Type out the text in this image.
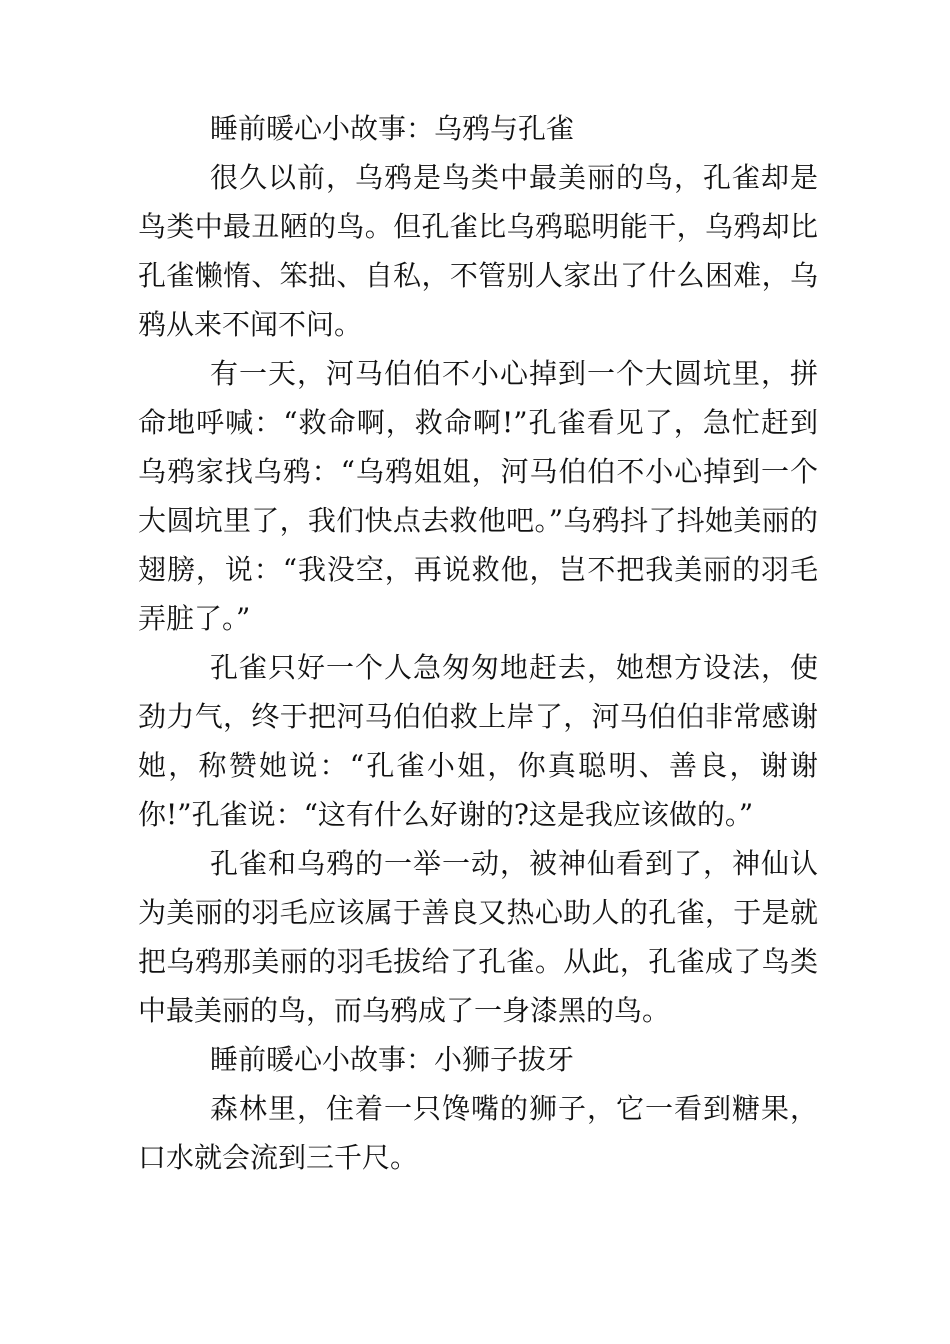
睡前暖心小故事：乌鸦与孔雀

很久以前，乌鸦是鸟类中最美丽的鸟，孔雀却是鸟类中最丑陋的鸟。但孔雀比乌鸦聪明能干，乌鸦却比孔雀懒惰、笨拙、自私，不管别人家出了什么困难，乌鸦从来不闻不问。

有一天，河马伯伯不小心掉到一个大圆坑里，拼命地呼喊：“救命啊，救命啊!”孔雀看见了，急忙赶到乌鸦家找乌鸦：“乌鸦姐姐，河马伯伯不小心掉到一个大圆坑里了，我们快点去救他吧。”乌鸦抖了抖她美丽的翅膀，说：“我没空，再说救他，岂不把我美丽的羽毛弄脏了。”

孔雀只好一个人急匆匆地赶去，她想方设法，使劲力气，终于把河马伯伯救上岸了，河马伯伯非常感谢她，称赞她说：“孔雀小姐，你真聪明、善良，谢谢你!”孔雀说：“这有什么好谢的?这是我应该做的。”

孔雀和乌鸦的一举一动，被神仙看到了，神仙认为美丽的羽毛应该属于善良又热心助人的孔雀，于是就把乌鸦那美丽的羽毛拔给了孔雀。从此，孔雀成了鸟类中最美丽的鸟，而乌鸦成了一身漆黑的鸟。

睡前暖心小故事：小狮子拔牙

森林里，住着一只馋嘴的狮子，它一看到糖果，口水就会流到三千尺。
